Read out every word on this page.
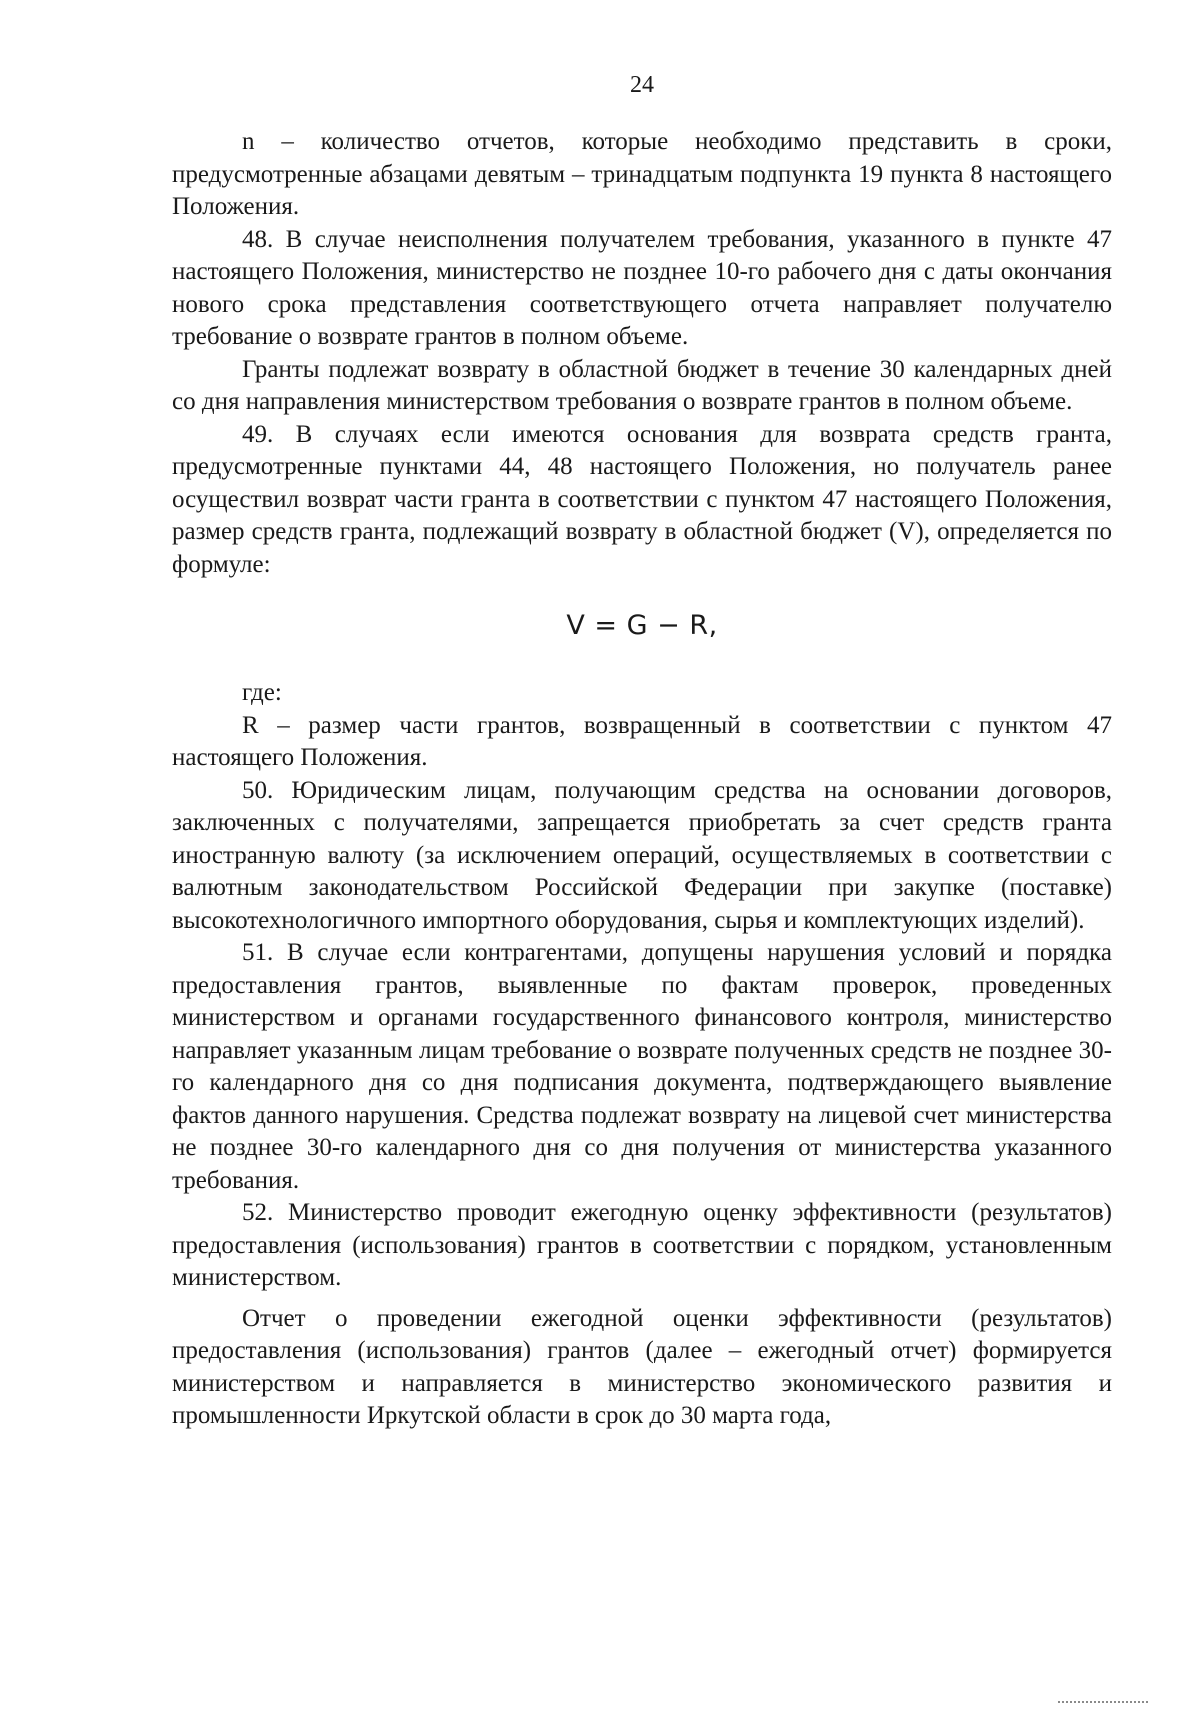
24

n – количество отчетов, которые необходимо представить в сроки, предусмотренные абзацами девятым – тринадцатым подпункта 19 пункта 8 настоящего Положения.

48. В случае неисполнения получателем требования, указанного в пункте 47 настоящего Положения, министерство не позднее 10-го рабочего дня с даты окончания нового срока представления соответствующего отчета направляет получателю требование о возврате грантов в полном объеме.

Гранты подлежат возврату в областной бюджет в течение 30 календарных дней со дня направления министерством требования о возврате грантов в полном объеме.

49. В случаях если имеются основания для возврата средств гранта, предусмотренные пунктами 44, 48 настоящего Положения, но получатель ранее осуществил возврат части гранта в соответствии с пунктом 47 настоящего Положения, размер средств гранта, подлежащий возврату в областной бюджет (V), определяется по формуле:

V = G − R,

где:

R – размер части грантов, возвращенный в соответствии с пунктом 47 настоящего Положения.

50. Юридическим лицам, получающим средства на основании договоров, заключенных с получателями, запрещается приобретать за счет средств гранта иностранную валюту (за исключением операций, осуществляемых в соответствии с валютным законодательством Российской Федерации при закупке (поставке) высокотехнологичного импортного оборудования, сырья и комплектующих изделий).

51. В случае если контрагентами, допущены нарушения условий и порядка предоставления грантов, выявленные по фактам проверок, проведенных министерством и органами государственного финансового контроля, министерство направляет указанным лицам требование о возврате полученных средств не позднее 30-го календарного дня со дня подписания документа, подтверждающего выявление фактов данного нарушения. Средства подлежат возврату на лицевой счет министерства не позднее 30-го календарного дня со дня получения от министерства указанного требования.

52. Министерство проводит ежегодную оценку эффективности (результатов) предоставления (использования) грантов в соответствии с порядком, установленным министерством.

Отчет о проведении ежегодной оценки эффективности (результатов) предоставления (использования) грантов (далее – ежегодный отчет) формируется министерством и направляется в министерство экономического развития и промышленности Иркутской области в срок до 30 марта года,
